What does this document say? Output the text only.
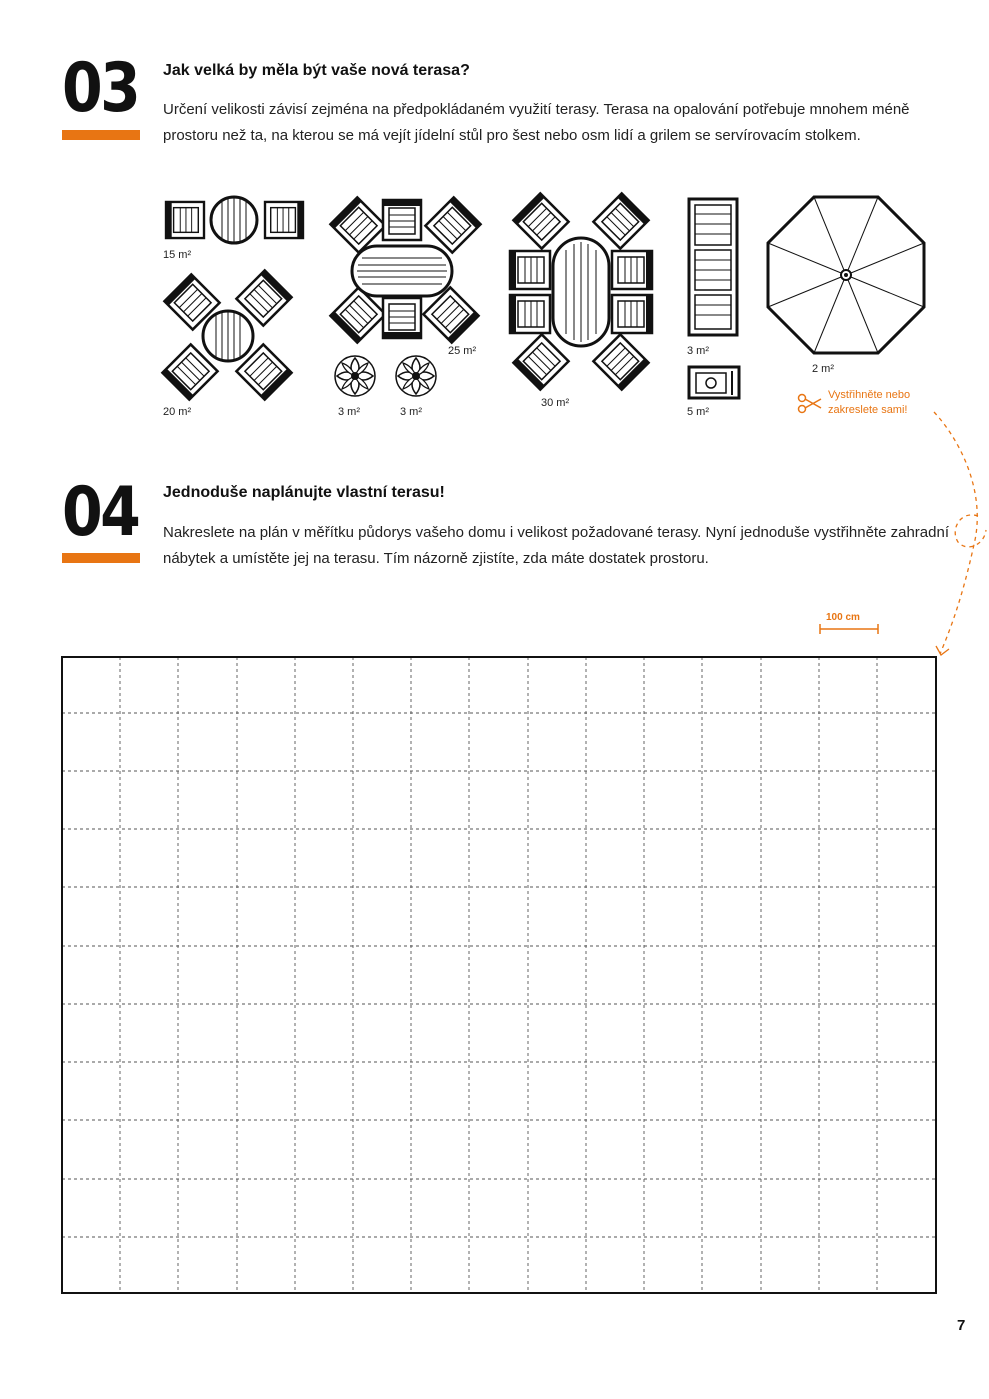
03 Jak velká by měla být vaše nová terasa?
Určení velikosti závisí zejména na předpokládaném využití terasy. Terasa na opalování potřebuje mnohem méně prostoru než ta, na kterou se má vejít jídelní stůl pro šest nebo osm lidí a grilem se servírovacím stolkem.
15 m²
20 m²	3 m²	3 m²
25 m²
30 m²
3 m²
5 m²
2 m²
Vystřihněte nebo
zakreslete sami!
04 Jednoduše naplánujte vlastní terasu!
Nakreslete na plán v měřítku půdorys vašeho domu i velikost požadované terasy. Nyní jednoduše vystřihněte zahradní nábytek a umístěte jej na terasu. Tím názorně zjistíte, zda máte dostatek prostoru.
100 cm
7
